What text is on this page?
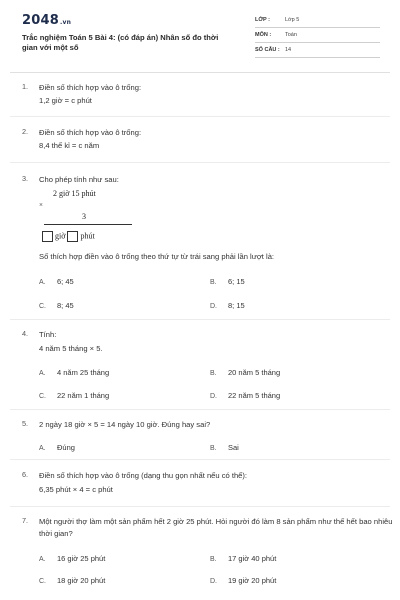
2048.vn
Trắc nghiệm Toán 5 Bài 4: (có đáp án) Nhân số đo thời gian với một số
LỚP :	Lớp 5
MÔN :	Toán
SỐ CÂU : 14
1. Điền số thích hợp vào ô trống:
1,2 giờ = c phút
2. Điền số thích hợp vào ô trống:
8,4 thế kỉ = c năm
3. Cho phép tính như sau:
2 giờ 15 phút
×
3
giờ phút
Số thích hợp điền vào ô trống theo thứ tự từ trái sang phải lần lượt là:
A. 6; 45	B. 6; 15
C. 8; 45	D. 8; 15
4. Tính:
4 năm 5 tháng × 5.
A. 4 năm 25 tháng	B. 20 năm 5 tháng
C. 22 năm 1 tháng	D. 22 năm 5 tháng
5. 2 ngày 18 giờ × 5 = 14 ngày 10 giờ. Đúng hay sai?
A. Đúng	B. Sai
6. Điền số thích hợp vào ô trống (dạng thu gọn nhất nếu có thể):
6,35 phút × 4 = c phút
7. Một người thợ làm một sản phẩm hết 2 giờ 25 phút. Hỏi người đó làm 8 sản phẩm như thế hết bao nhiêu thời gian?
A. 16 giờ 25 phút	B. 17 giờ 40 phút
C. 18 giờ 20 phút	D. 19 giờ 20 phút
